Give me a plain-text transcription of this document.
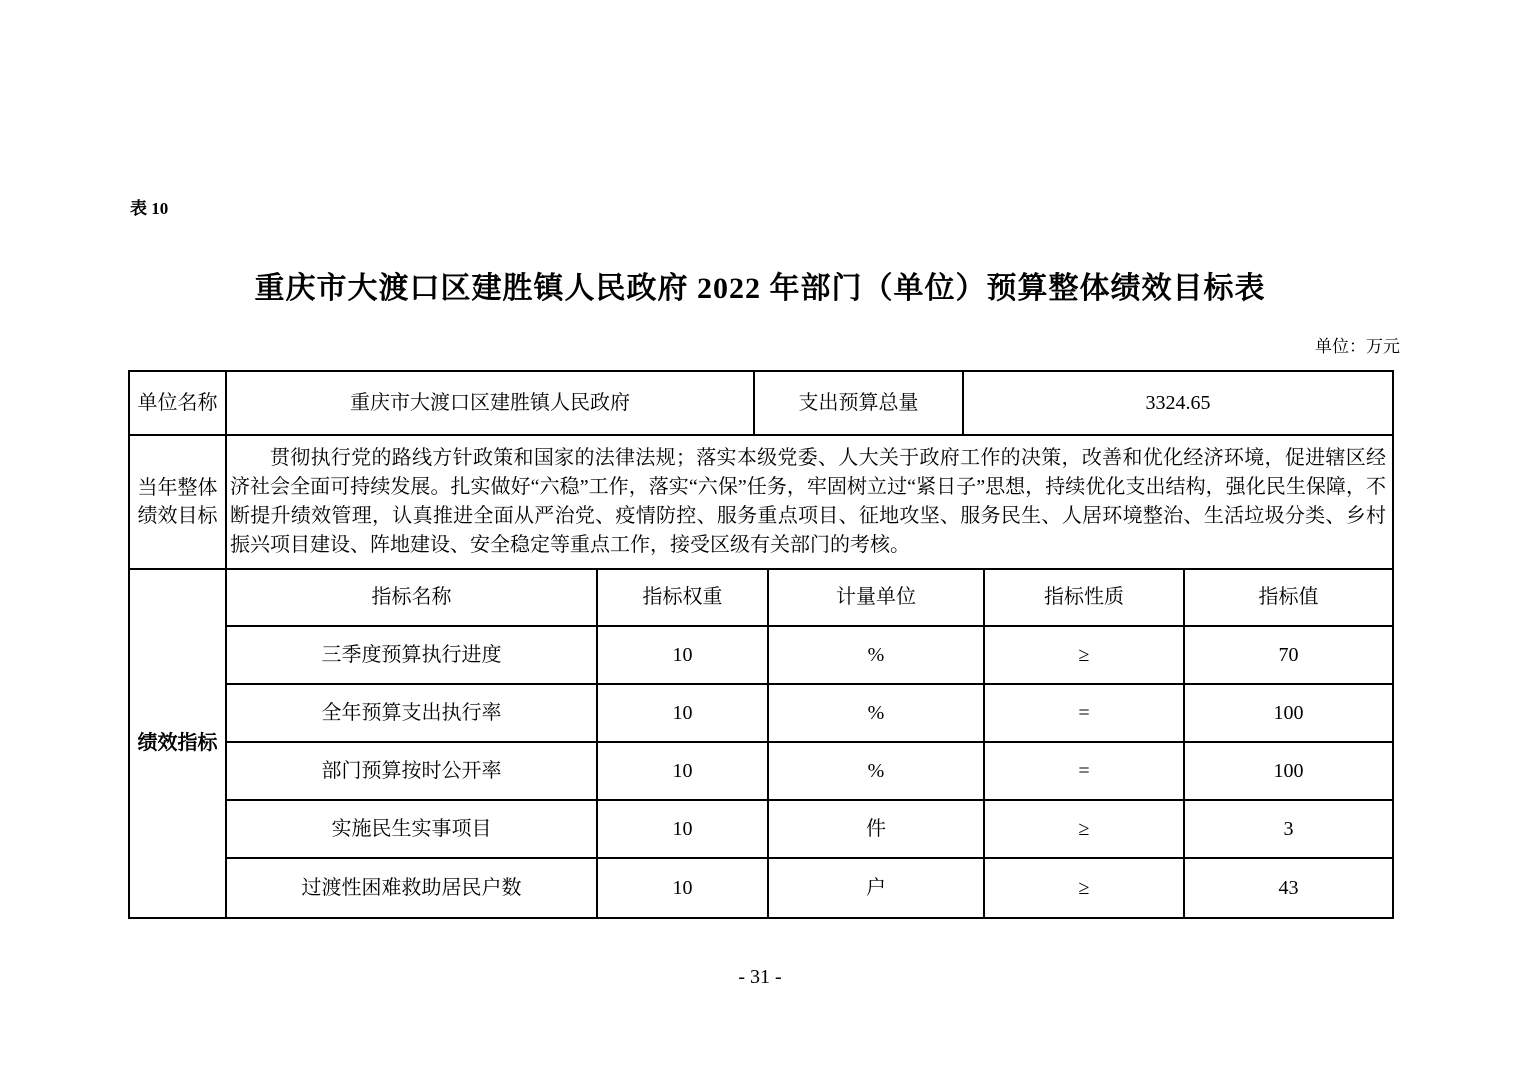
表 10
重庆市大渡口区建胜镇人民政府 2022 年部门（单位）预算整体绩效目标表
单位：万元
单位名称	重庆市大渡口区建胜镇人民政府	支出预算总量	3324.65
当年整体绩效目标
贯彻执行党的路线方针政策和国家的法律法规；落实本级党委、人大关于政府工作的决策，改善和优化经济环境，促进辖区经济社会全面可持续发展。扎实做好“六稳”工作，落实“六保”任务，牢固树立过“紧日子”思想，持续优化支出结构，强化民生保障，不断提升绩效管理，认真推进全面从严治党、疫情防控、服务重点项目、征地攻坚、服务民生、人居环境整治、生活垃圾分类、乡村振兴项目建设、阵地建设、安全稳定等重点工作，接受区级有关部门的考核。
绩效指标
指标名称	指标权重	计量单位	指标性质	指标值
三季度预算执行进度	10	%	≥	70
全年预算支出执行率	10	%	=	100
部门预算按时公开率	10	%	=	100
实施民生实事项目	10	件	≥	3
过渡性困难救助居民户数	10	户	≥	43
- 31 -
